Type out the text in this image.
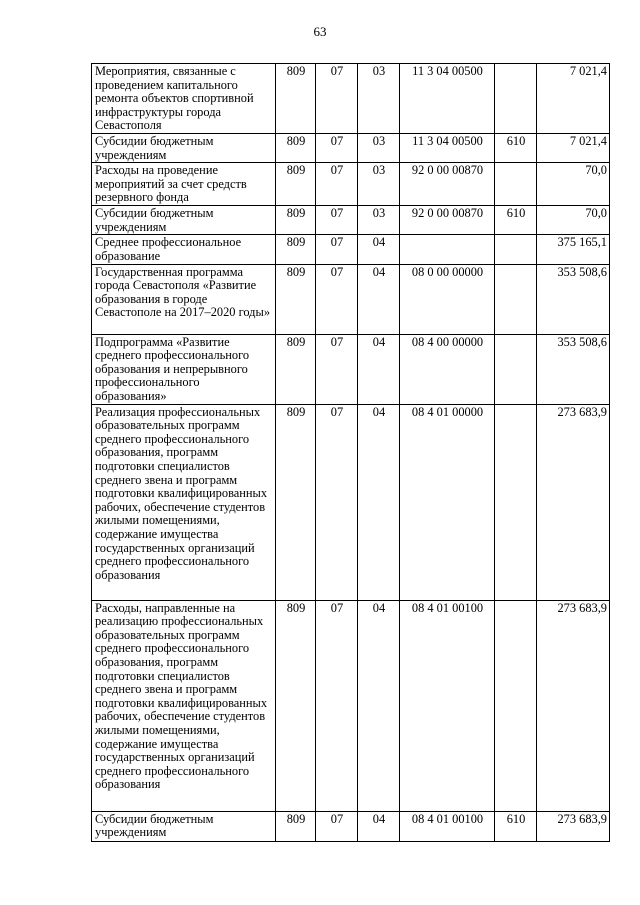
63
Мероприятия, связанные с проведением капитального ремонта объектов спортивной инфраструктуры города Севастополя	809	07	03	11 3 04 00500		7 021,4
Субсидии бюджетным учреждениям	809	07	03	11 3 04 00500	610	7 021,4
Расходы на проведение мероприятий за счет средств резервного фонда	809	07	03	92 0 00 00870		70,0
Субсидии бюджетным учреждениям	809	07	03	92 0 00 00870	610	70,0
Среднее профессиональное образование	809	07	04			375 165,1
Государственная программа города Севастополя «Развитие образования в городе Севастополе на 2017–2020 годы»	809	07	04	08 0 00 00000		353 508,6
Подпрограмма «Развитие среднего профессионального образования и непрерывного профессионального образования»	809	07	04	08 4 00 00000		353 508,6
Реализация профессиональных образовательных программ среднего профессионального образования, программ подготовки специалистов среднего звена и программ подготовки квалифицированных рабочих, обеспечение студентов жилыми помещениями, содержание имущества государственных организаций среднего профессионального образования	809	07	04	08 4 01 00000		273 683,9
Расходы, направленные на реализацию профессиональных образовательных программ среднего профессионального образования, программ подготовки специалистов среднего звена и программ подготовки квалифицированных рабочих, обеспечение студентов жилыми помещениями, содержание имущества государственных организаций среднего профессионального образования	809	07	04	08 4 01 00100		273 683,9
Субсидии бюджетным учреждениям	809	07	04	08 4 01 00100	610	273 683,9
